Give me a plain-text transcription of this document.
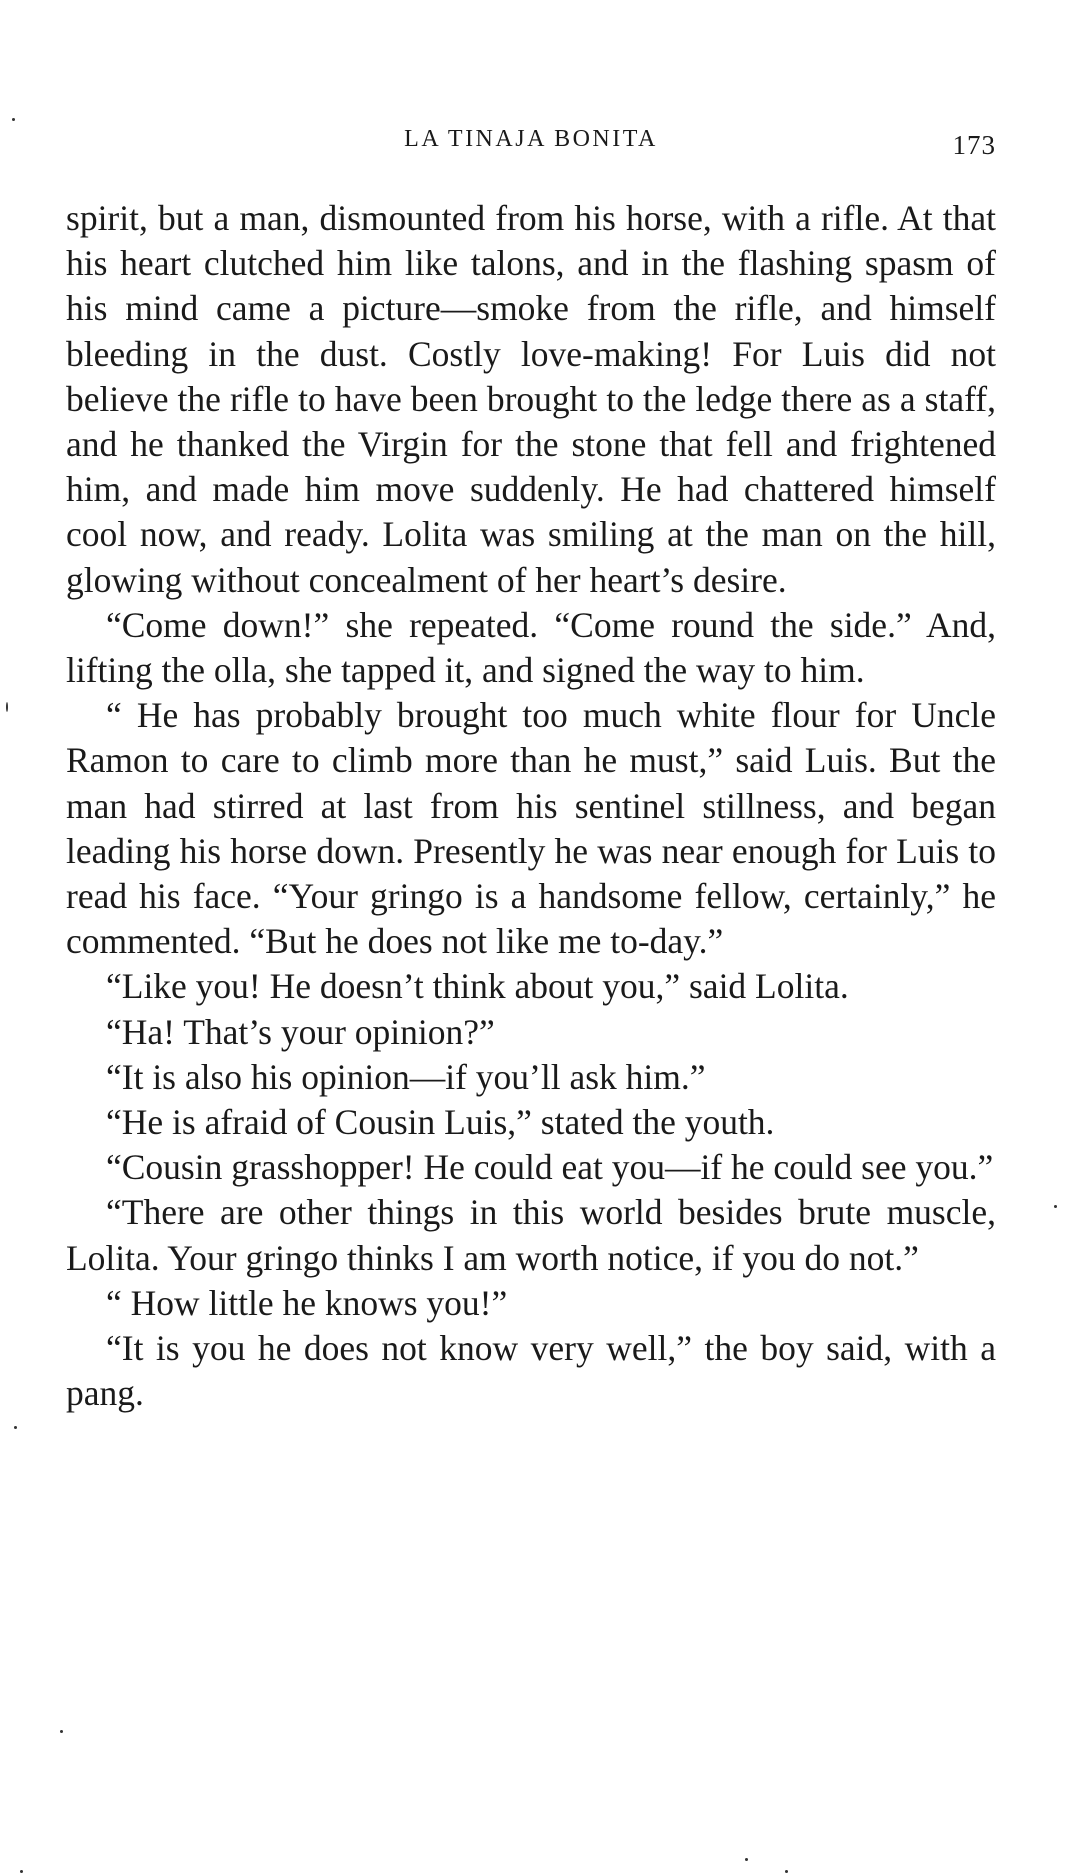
LA TINAJA BONITA	173

spirit, but a man, dismounted from his horse, with a rifle. At that his heart clutched him like talons, and in the flashing spasm of his mind came a picture—smoke from the rifle, and himself bleeding in the dust. Costly love-making! For Luis did not believe the rifle to have been brought to the ledge there as a staff, and he thanked the Virgin for the stone that fell and frightened him, and made him move suddenly. He had chattered himself cool now, and ready. Lolita was smiling at the man on the hill, glowing without concealment of her heart’s desire.

“Come down!” she repeated. “Come round the side.” And, lifting the olla, she tapped it, and signed the way to him.

“ He has probably brought too much white flour for Uncle Ramon to care to climb more than he must,” said Luis. But the man had stirred at last from his sentinel stillness, and began leading his horse down. Presently he was near enough for Luis to read his face. “Your gringo is a handsome fellow, certainly,” he commented. “But he does not like me to-day.”

“Like you! He doesn’t think about you,” said Lolita.

“Ha! That’s your opinion?”

“It is also his opinion—if you’ll ask him.”

“He is afraid of Cousin Luis,” stated the youth.

“Cousin grasshopper! He could eat you—if he could see you.”

“There are other things in this world besides brute muscle, Lolita. Your gringo thinks I am worth notice, if you do not.”

“ How little he knows you!”

“It is you he does not know very well,” the boy said, with a pang.
